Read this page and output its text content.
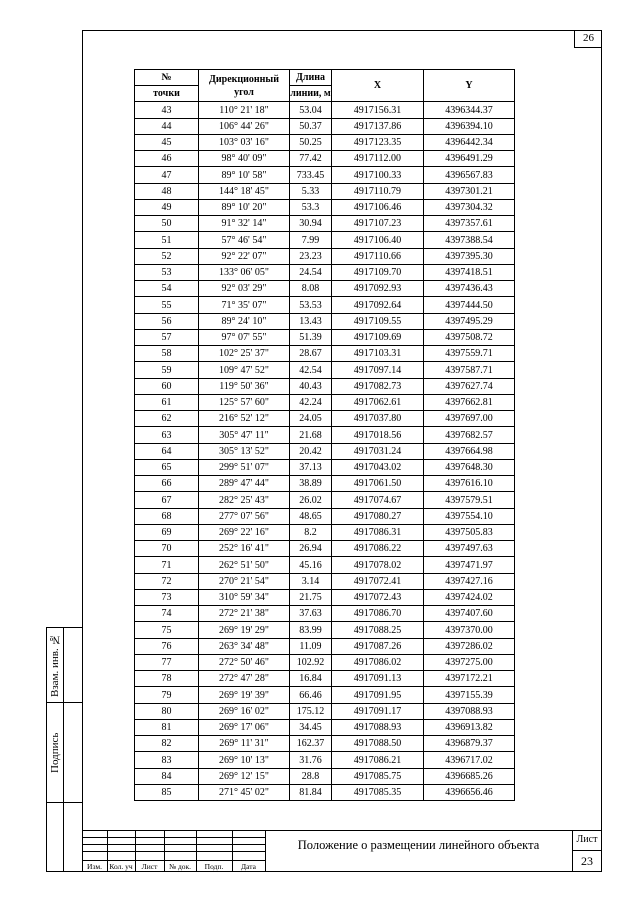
26
Взам. инв. №
Подпись
№	Дирекционный угол	Длина	X	Y
точки		линии, м		
43	110° 21' 18"	53.04	4917156.31	4396344.37
44	106° 44' 26"	50.37	4917137.86	4396394.10
45	103° 03' 16"	50.25	4917123.35	4396442.34
46	98° 40' 09"	77.42	4917112.00	4396491.29
47	89° 10' 58"	733.45	4917100.33	4396567.83
48	144° 18' 45"	5.33	4917110.79	4397301.21
49	89° 10' 20"	53.3	4917106.46	4397304.32
50	91° 32' 14"	30.94	4917107.23	4397357.61
51	57° 46' 54"	7.99	4917106.40	4397388.54
52	92° 22' 07"	23.23	4917110.66	4397395.30
53	133° 06' 05"	24.54	4917109.70	4397418.51
54	92° 03' 29"	8.08	4917092.93	4397436.43
55	71° 35' 07"	53.53	4917092.64	4397444.50
56	89° 24' 10"	13.43	4917109.55	4397495.29
57	97° 07' 55"	51.39	4917109.69	4397508.72
58	102° 25' 37"	28.67	4917103.31	4397559.71
59	109° 47' 52"	42.54	4917097.14	4397587.71
60	119° 50' 36"	40.43	4917082.73	4397627.74
61	125° 57' 60"	42.24	4917062.61	4397662.81
62	216° 52' 12"	24.05	4917037.80	4397697.00
63	305° 47' 11"	21.68	4917018.56	4397682.57
64	305° 13' 52"	20.42	4917031.24	4397664.98
65	299° 51' 07"	37.13	4917043.02	4397648.30
66	289° 47' 44"	38.89	4917061.50	4397616.10
67	282° 25' 43"	26.02	4917074.67	4397579.51
68	277° 07' 56"	48.65	4917080.27	4397554.10
69	269° 22' 16"	8.2	4917086.31	4397505.83
70	252° 16' 41"	26.94	4917086.22	4397497.63
71	262° 51' 50"	45.16	4917078.02	4397471.97
72	270° 21' 54"	3.14	4917072.41	4397427.16
73	310° 59' 34"	21.75	4917072.43	4397424.02
74	272° 21' 38"	37.63	4917086.70	4397407.60
75	269° 19' 29"	83.99	4917088.25	4397370.00
76	263° 34' 48"	11.09	4917087.26	4397286.02
77	272° 50' 46"	102.92	4917086.02	4397275.00
78	272° 47' 28"	16.84	4917091.13	4397172.21
79	269° 19' 39"	66.46	4917091.95	4397155.39
80	269° 16' 02"	175.12	4917091.17	4397088.93
81	269° 17' 06"	34.45	4917088.93	4396913.82
82	269° 11' 31"	162.37	4917088.50	4396879.37
83	269° 10' 13"	31.76	4917086.21	4396717.02
84	269° 12' 15"	28.8	4917085.75	4396685.26
85	271° 45' 02"	81.84	4917085.35	4396656.46
Изм. Кол. уч	Лист	№ док.	Подп.	Дата
Положение о размещении линейного объекта	Лист
23
